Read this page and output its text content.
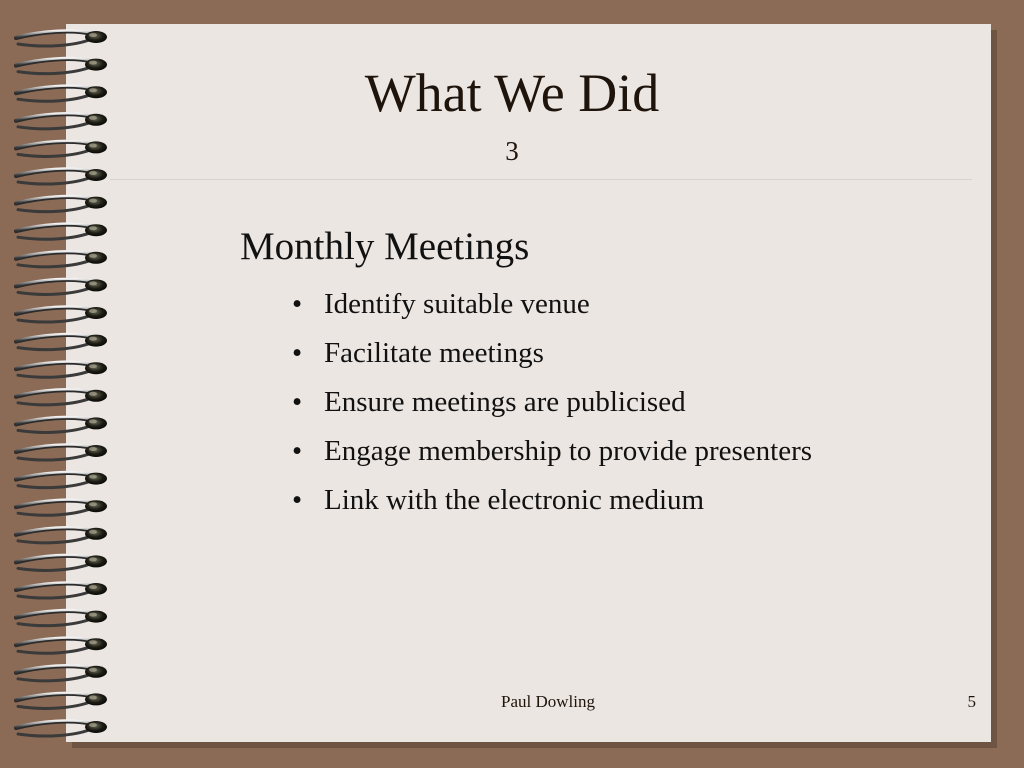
What We Did
3
Monthly Meetings
• Identify suitable venue
• Facilitate meetings
• Ensure meetings are publicised
• Engage membership to provide presenters
• Link with the electronic medium
Paul Dowling	5
